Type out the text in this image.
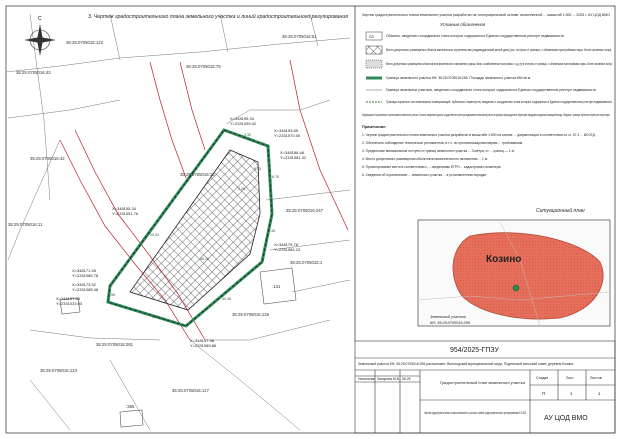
С	3. Чертеж градостроительного плана земельного участка и линий градостроительного регулирования
35:25:0705016:122
35:25:0705016:51
35:25:0705016:43
35:25:0705016:79
35:25:0705016:42
35:25:0705016:15
35:25:0705016:247
35:25:0705016:126
35:25:0705016:11
35:25:0705016:281
35:25:0705016:123
35:25:0705016:127
35:25:0705016:1
:131
:365
X=348195.34
Y=2331059.42
X=348193.85
Y=2331070.00
X=348188.48
Y=2331081.32
X=348171.55
Y=2331086.78
X=348173.52
Y=2331088.48
X=348157.66
Y=2331033.03
X=348179.76
Y=2331084.13
X=348147.98
Y=2331089.86
X=348195.34
Y=2331051.76
3.30
8.76
3.38
40.48
5.84
1.96
29.03
40.18
9.35
3.26
Чертеж градостроительного плана земельного участка разработан на топографической основе, выполненной ... масштаб 1:500 ... 2025 г. АУ ЦОД ВМО
Условные обозначения
СЗ	Объекты, сведения о координатах точек которых содержатся в Едином государственном реестре недвижимости
Место допустимого размещения объекта капитального строительства (индивидуальный жилой дом) (три, отступы от границы, с объемными пристройками пары, более активные зоны).
Место допустимого размещения объектов вспомогательного назначения (гараж, баня, хозяйственные постройки и т.д.) (три отступы от границы, с объемными пристройками пары, более активные зоны)
Граница земельного участка КН: 35:25:0705016:256. Площадь земельного участка 654 кв.м.
Граница земельных участков, сведения о координатах точек которых содержатся в Едином государственном реестре недвижимости
Границы охранных зон инженерных коммуникаций, публичных сервитутов, сведения о координатах точек которых содержатся в Едином государственном реестре недвижимости
Информация об ограничениях в использовании земельного участка: Согласно сведениям Единого государственного реестра недвижимости земельный участок в границах приаэродромной территории аэродрома гражданской авиации Вологда. Сведения о границах публичных сервитутов отсутствуют.
Примечание:
1. Чертеж градостроительного плана земельного участка разработан в масштабе 1:500 на основе ... документации в соответствии со ст. 57.3 ... ИСОГД.
2. Обеспечить соблюдение технических регламентов, в т.ч. по противопожарным мерам ... требованиям.
3. Предельные минимальные отступы от границ земельного участка ... 3 метра, от ... границ — 1 м.
4. Место допустимого размещения объектов вспомогательного назначения ... 1 м.
5. Проектирование вести в соответствии с ... сведениями ЕГРН ... кадастрового инженера.
6. Сведения об ограничениях ... земельного участка ... в установленном порядке.
Ситуационный план
Козино
Земельный участок
КН: 35:25:0705016:256
954/2025-ГПЗУ
Земельный участок КН: 35:25:0705016:256 расположен: Вологодский муниципальный округ, Подлесный сельский совет, деревня Козино.
Начальник Захарова М.В. 06.25
Градостроительный план земельного участка
Стадия	Лист	Листов
П	1	1
Чертеж градостроительного плана земельного участка и линий градостроительного регулирования М 1:500
АУ ЦОД ВМО
